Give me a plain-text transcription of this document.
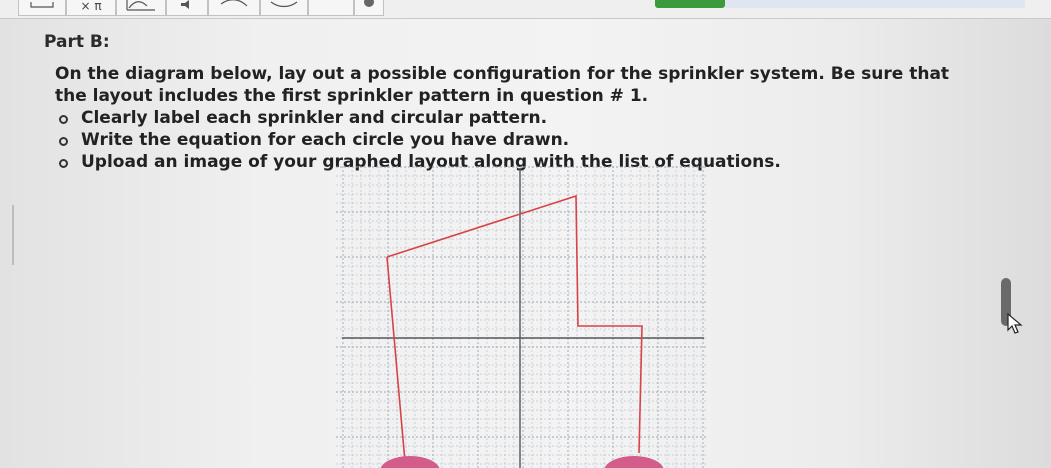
× π
Part B:

On the diagram below, lay out a possible configuration for the sprinkler system. Be sure that

the layout includes the first sprinkler pattern in question # 1.

Clearly label each sprinkler and circular pattern.
Write the equation for each circle you have drawn.
Upload an image of your graphed layout along with the list of equations.
